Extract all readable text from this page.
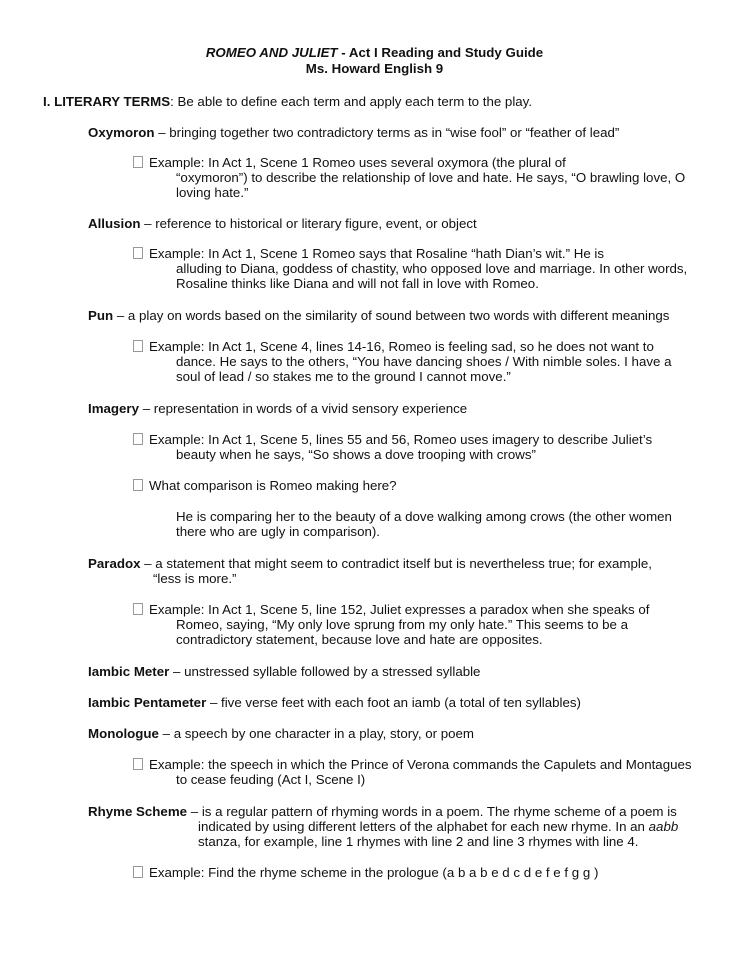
ROMEO AND JULIET - Act I Reading and Study Guide
Ms. Howard English 9
I. LITERARY TERMS: Be able to define each term and apply each term to the play.
Oxymoron – bringing together two contradictory terms as in “wise fool” or “feather of lead”
Example: In Act 1, Scene 1 Romeo uses several oxymora (the plural of
“oxymoron”) to describe the relationship of love and hate. He says, “O brawling love, O
loving hate.”
Allusion – reference to historical or literary figure, event, or object
Example: In Act 1, Scene 1 Romeo says that Rosaline “hath Dian’s wit.” He is
alluding to Diana, goddess of chastity, who opposed love and marriage. In other words,
Rosaline thinks like Diana and will not fall in love with Romeo.
Pun – a play on words based on the similarity of sound between two words with different meanings
Example: In Act 1, Scene 4, lines 14-16, Romeo is feeling sad, so he does not want to
dance. He says to the others, “You have dancing shoes / With nimble soles. I have a
soul of lead / so stakes me to the ground I cannot move.”
Imagery – representation in words of a vivid sensory experience
Example: In Act 1, Scene 5, lines 55 and 56, Romeo uses imagery to describe Juliet’s
beauty when he says, “So shows a dove trooping with crows”
What comparison is Romeo making here?
He is comparing her to the beauty of a dove walking among crows (the other women
there who are ugly in comparison).
Paradox – a statement that might seem to contradict itself but is nevertheless true; for example,
“less is more.”
Example: In Act 1, Scene 5, line 152, Juliet expresses a paradox when she speaks of
Romeo, saying, “My only love sprung from my only hate.” This seems to be a
contradictory statement, because love and hate are opposites.
Iambic Meter – unstressed syllable followed by a stressed syllable
Iambic Pentameter – five verse feet with each foot an iamb (a total of ten syllables)
Monologue – a speech by one character in a play, story, or poem
Example: the speech in which the Prince of Verona commands the Capulets and Montagues
to cease feuding (Act I, Scene I)
Rhyme Scheme – is a regular pattern of rhyming words in a poem. The rhyme scheme of a poem is
indicated by using different letters of the alphabet for each new rhyme. In an aabb
stanza, for example, line 1 rhymes with line 2 and line 3 rhymes with line 4.
Example: Find the rhyme scheme in the prologue (a b a b e d c d e f e f g g )
